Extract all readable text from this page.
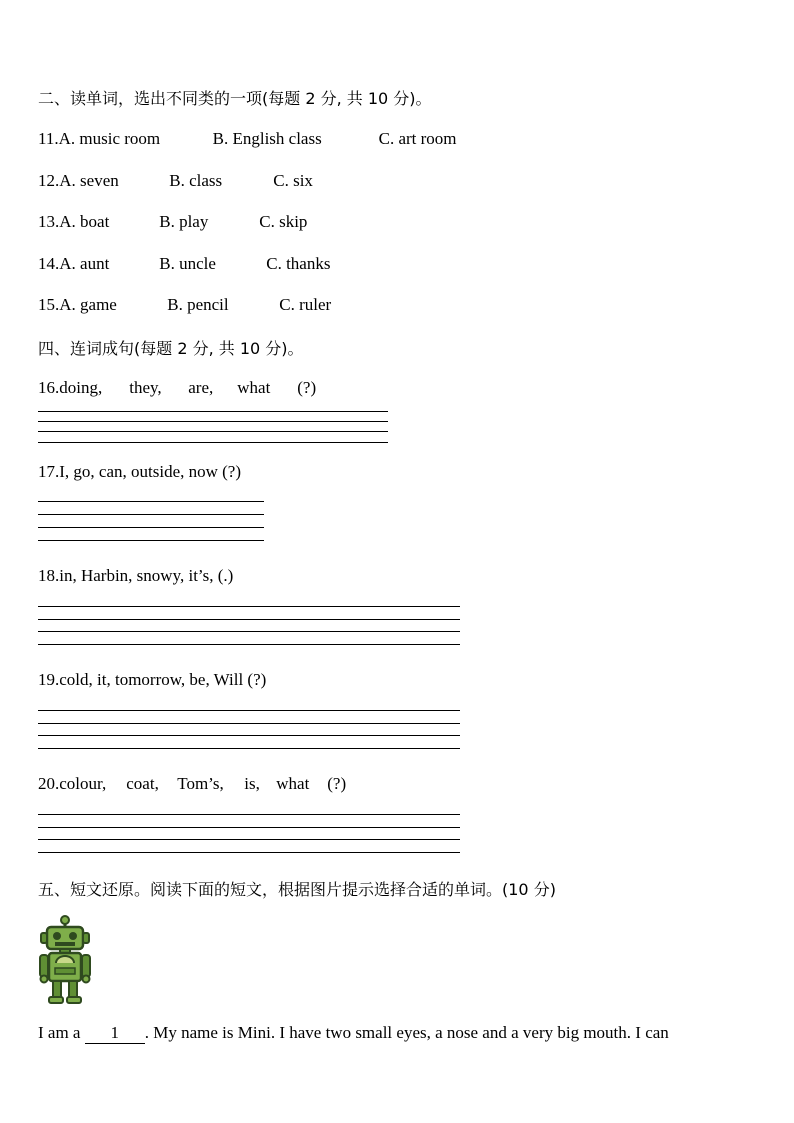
二、读单词，选出不同类的一项(每题 2 分, 共 10 分)。
11.A. music room	B. English class	C. art room
12.A. seven	B. class	C. six
13.A. boat	B. play	C. skip
14.A. aunt	B. uncle	C. thanks
15.A. game	B. pencil	C. ruler
四、连词成句(每题 2 分, 共 10 分)。
16.doing, they, are, what (?)
17.I, go, can, outside, now (?)
18.in, Harbin, snowy, it’s, (.)
19.cold, it, tomorrow, be, Will (?)
20.colour, coat, Tom’s, is, what (?)
五、短文还原。阅读下面的短文，根据图片提示选择合适的单词。(10 分)
I am a 1 . My name is Mini. I have two small eyes, a nose and a very big mouth. I can
